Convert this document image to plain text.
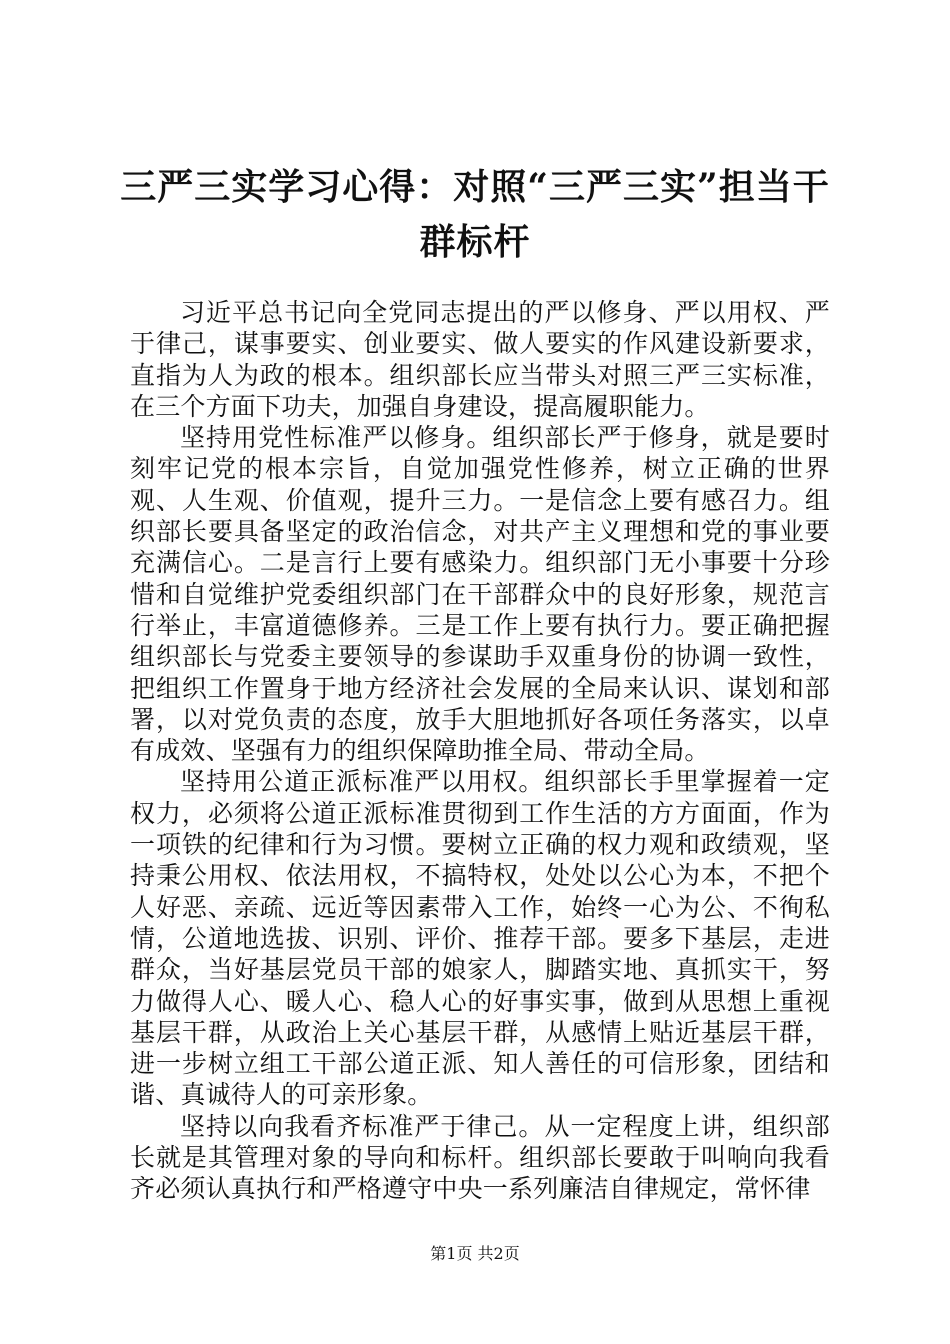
三严三实学习心得：对照“三严三实”担当干群标杆

习近平总书记向全党同志提出的严以修身、严以用权、严于律己，谋事要实、创业要实、做人要实的作风建设新要求，直指为人为政的根本。组织部长应当带头对照三严三实标准，在三个方面下功夫，加强自身建设，提高履职能力。

坚持用党性标准严以修身。组织部长严于修身，就是要时刻牢记党的根本宗旨，自觉加强党性修养，树立正确的世界观、人生观、价值观，提升三力。一是信念上要有感召力。组织部长要具备坚定的政治信念，对共产主义理想和党的事业要充满信心。二是言行上要有感染力。组织部门无小事要十分珍惜和自觉维护党委组织部门在干部群众中的良好形象，规范言行举止，丰富道德修养。三是工作上要有执行力。要正确把握组织部长与党委主要领导的参谋助手双重身份的协调一致性，把组织工作置身于地方经济社会发展的全局来认识、谋划和部署，以对党负责的态度，放手大胆地抓好各项任务落实，以卓有成效、坚强有力的组织保障助推全局、带动全局。

坚持用公道正派标准严以用权。组织部长手里掌握着一定权力，必须将公道正派标准贯彻到工作生活的方方面面，作为一项铁的纪律和行为习惯。要树立正确的权力观和政绩观，坚持秉公用权、依法用权，不搞特权，处处以公心为本，不把个人好恶、亲疏、远近等因素带入工作，始终一心为公、不徇私情，公道地选拔、识别、评价、推荐干部。要多下基层，走进群众，当好基层党员干部的娘家人，脚踏实地、真抓实干，努力做得人心、暖人心、稳人心的好事实事，做到从思想上重视基层干群，从政治上关心基层干群，从感情上贴近基层干群，进一步树立组工干部公道正派、知人善任的可信形象，团结和谐、真诚待人的可亲形象。

坚持以向我看齐标准严于律己。从一定程度上讲，组织部长就是其管理对象的导向和标杆。组织部长要敢于叫响向我看齐必须认真执行和严格遵守中央一系列廉洁自律规定，常怀律

第1页 共2页
